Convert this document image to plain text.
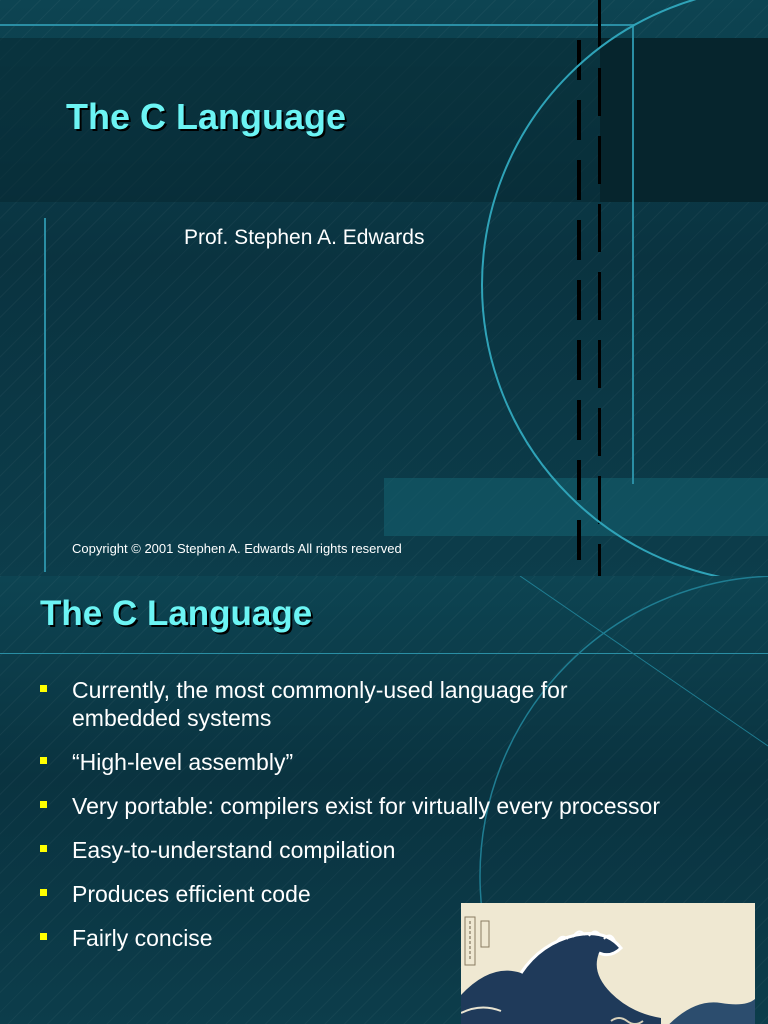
The C Language
Prof. Stephen A. Edwards
Copyright © 2001 Stephen A. Edwards All rights reserved
The C Language
Currently, the most commonly-used language for embedded systems
“High-level assembly”
Very portable: compilers exist for virtually every processor
Easy-to-understand compilation
Produces efficient code
Fairly concise
